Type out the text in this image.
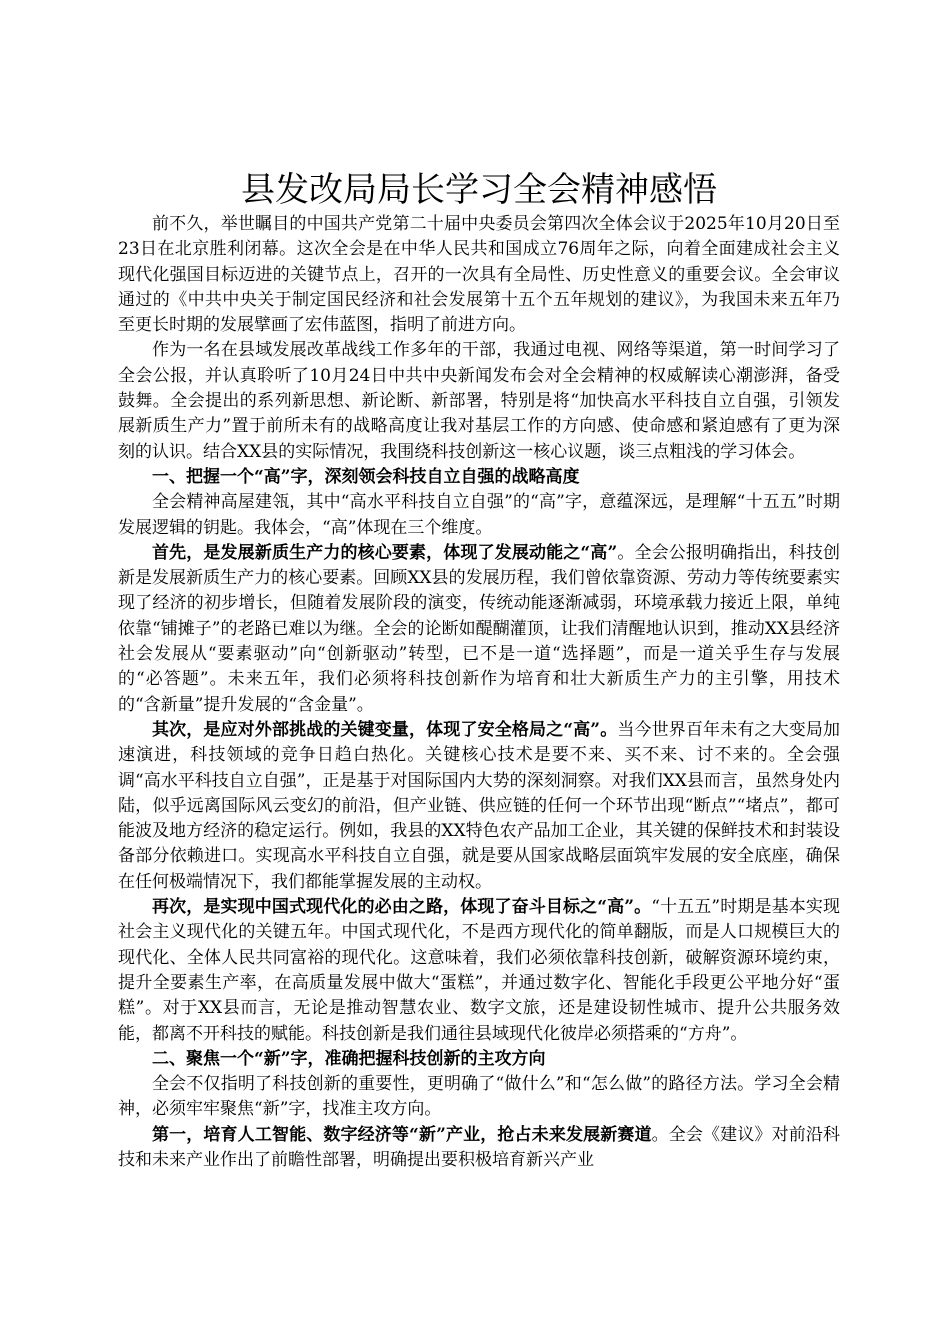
县发改局局长学习全会精神感悟

前不久，举世瞩目的中国共产党第二十届中央委员会第四次全体会议于2025年10月20日至23日在北京胜利闭幕。这次全会是在中华人民共和国成立76周年之际，向着全面建成社会主义现代化强国目标迈进的关键节点上，召开的一次具有全局性、历史性意义的重要会议。全会审议通过的《中共中央关于制定国民经济和社会发展第十五个五年规划的建议》，为我国未来五年乃至更长时期的发展擘画了宏伟蓝图，指明了前进方向。

作为一名在县域发展改革战线工作多年的干部，我通过电视、网络等渠道，第一时间学习了全会公报，并认真聆听了10月24日中共中央新闻发布会对全会精神的权威解读心潮澎湃，备受鼓舞。全会提出的系列新思想、新论断、新部署，特别是将“加快高水平科技自立自强，引领发展新质生产力”置于前所未有的战略高度让我对基层工作的方向感、使命感和紧迫感有了更为深刻的认识。结合XX县的实际情况，我围绕科技创新这一核心议题，谈三点粗浅的学习体会。

一、把握一个“高”字，深刻领会科技自立自强的战略高度

全会精神高屋建瓴，其中“高水平科技自立自强”的“高”字，意蕴深远，是理解“十五五”时期发展逻辑的钥匙。我体会，“高”体现在三个维度。

首先，是发展新质生产力的核心要素，体现了发展动能之“高”。全会公报明确指出，科技创新是发展新质生产力的核心要素。回顾XX县的发展历程，我们曾依靠资源、劳动力等传统要素实现了经济的初步增长，但随着发展阶段的演变，传统动能逐渐减弱，环境承载力接近上限，单纯依靠“铺摊子”的老路已难以为继。全会的论断如醍醐灌顶，让我们清醒地认识到，推动XX县经济社会发展从“要素驱动”向“创新驱动”转型，已不是一道“选择题”，而是一道关乎生存与发展的“必答题”。未来五年，我们必须将科技创新作为培育和壮大新质生产力的主引擎，用技术的“含新量”提升发展的“含金量”。

其次，是应对外部挑战的关键变量，体现了安全格局之“高”。当今世界百年未有之大变局加速演进，科技领域的竞争日趋白热化。关键核心技术是要不来、买不来、讨不来的。全会强调“高水平科技自立自强”，正是基于对国际国内大势的深刻洞察。对我们XX县而言，虽然身处内陆，似乎远离国际风云变幻的前沿，但产业链、供应链的任何一个环节出现“断点”“堵点”，都可能波及地方经济的稳定运行。例如，我县的XX特色农产品加工企业，其关键的保鲜技术和封装设备部分依赖进口。实现高水平科技自立自强，就是要从国家战略层面筑牢发展的安全底座，确保在任何极端情况下，我们都能掌握发展的主动权。

再次，是实现中国式现代化的必由之路，体现了奋斗目标之“高”。“十五五”时期是基本实现社会主义现代化的关键五年。中国式现代化，不是西方现代化的简单翻版，而是人口规模巨大的现代化、全体人民共同富裕的现代化。这意味着，我们必须依靠科技创新，破解资源环境约束，提升全要素生产率，在高质量发展中做大“蛋糕”，并通过数字化、智能化手段更公平地分好“蛋糕”。对于XX县而言，无论是推动智慧农业、数字文旅，还是建设韧性城市、提升公共服务效能，都离不开科技的赋能。科技创新是我们通往县域现代化彼岸必须搭乘的“方舟”。

二、聚焦一个“新”字，准确把握科技创新的主攻方向

全会不仅指明了科技创新的重要性，更明确了“做什么”和“怎么做”的路径方法。学习全会精神，必须牢牢聚焦“新”字，找准主攻方向。

第一，培育人工智能、数字经济等“新”产业，抢占未来发展新赛道。全会《建议》对前沿科技和未来产业作出了前瞻性部署，明确提出要积极培育新兴产业
